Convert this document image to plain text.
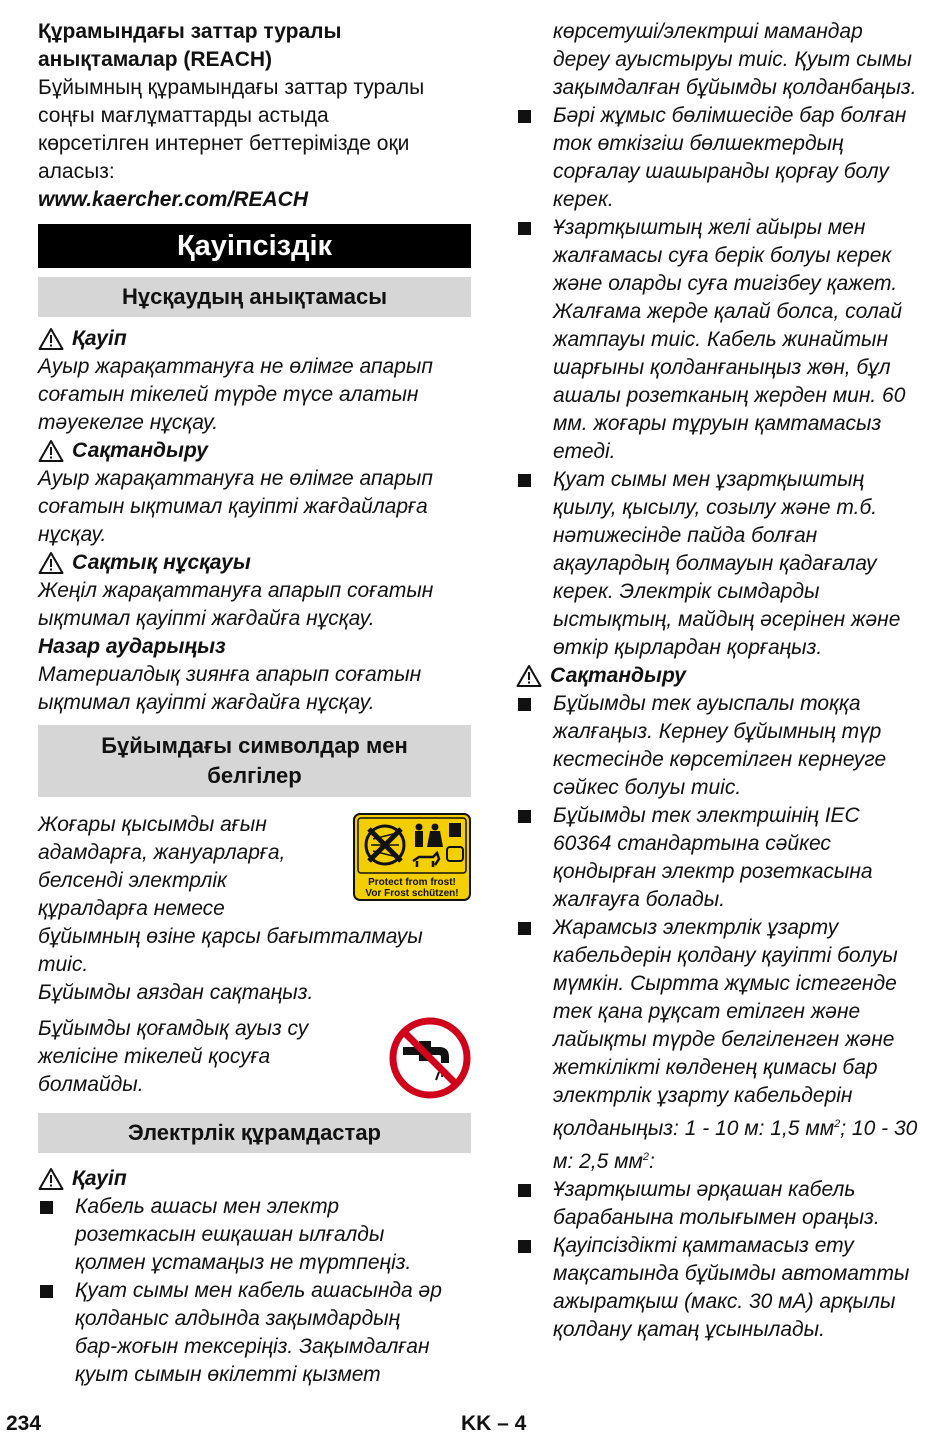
Құрамындағы заттар туралы
анықтамалар (REACH)
Бұйымның құрамындағы заттар туралы
соңғы мағлұматтарды астыда
көрсетілген интернет беттерімізде оқи
аласыз:
www.kaercher.com/REACH
Қауіпсіздік
Нұсқаудың анықтамасы
Қауіп
Ауыр жарақаттануға не өлімге апарып
соғатын тікелей түрде түсе алатын
тәуекелге нұсқау.
Сақтандыру
Ауыр жарақаттануға не өлімге апарып
соғатын ықтимал қауіпті жағдайларға
нұсқау.
Сақтық нұсқауы
Жеңіл жарақаттануға апарып соғатын
ықтимал қауіпті жағдайға нұсқау.
Назар аударыңыз
Материалдық зиянға апарып соғатын
ықтимал қауіпті жағдайға нұсқау.
Бұйымдағы символдар мен
белгілер
Жоғары қысымды ағын
адамдарға, жануарларға,
белсенді электрлік
құралдарға немесе
Protect from frost!
Vor Frost schützen!
бұйымның өзіне қарсы бағытталмауы
тиіс.
Бұйымды аяздан сақтаңыз.
Бұйымды қоғамдық ауыз су
желісіне тікелей қосуға
болмайды.
Электрлік құрамдастар
Қауіп
Кабель ашасы мен электр
розеткасын ешқашан ылғалды
қолмен ұстамаңыз не түртпеңіз.
Қуат сымы мен кабель ашасында әр
қолданыс алдында зақымдардың
бар-жоғын тексеріңіз. Зақымдалған
қуыт сымын өкілетті қызмет
көрсетуші/электрші мамандар
дереу ауыстыруы тиіс. Қуыт сымы
зақымдалған бұйымды қолданбаңыз.
Бәрі жұмыс бөлімшесіде бар болған
ток өткізгіш бөлшектердың
сорғалау шашыранды қорғау болу
керек.
Ұзартқыштың желі айыры мен
жалғамасы суға берік болуы керек
және оларды суға тигізбеу қажет.
Жалғама жерде қалай болса, солай
жатпауы тиіс. Кабель жинайтын
шарғыны қолданғаныңыз жөн, бұл
ашалы розетканың жерден мин. 60
мм. жоғары тұруын қамтамасыз
етеді.
Қуат сымы мен ұзартқыштың
қиылу, қысылу, созылу және т.б.
нәтижесінде пайда болған
ақаулардың болмауын қадағалау
керек. Электрік сымдарды
ыстықтың, майдың әсерінен және
өткір қырлардан қорғаңыз.
Сақтандыру
Бұйымды тек ауыспалы тоққа
жалғаңыз. Кернеу бұйымның түр
кестесінде көрсетілген кернеуге
сәйкес болуы тиіс.
Бұйымды тек электршінің IEC
60364 стандартына сәйкес
қондырған электр розеткасына
жалғауға болады.
Жарамсыз электрлік ұзарту
кабельдерін қолдану қауіпті болуы
мүмкін. Сыртта жұмыс істегенде
тек қана рұқсат етілген және
лайықты түрде белгіленген және
жеткілікті көлденең қимасы бар
электрлік ұзарту кабельдерін
қолданыңыз: 1 - 10 м: 1,5 $мм^2$; 10 - 30
м: 2,5 $мм^2$:
Ұзартқышты әрқашан кабель
барабанына толығымен ораңыз.
Қауіпсіздікті қамтамасыз ету
мақсатында бұйымды автоматты
ажыратқыш (макс. 30 мА) арқылы
қолдану қатаң ұсынылады.
234	KK – 4
